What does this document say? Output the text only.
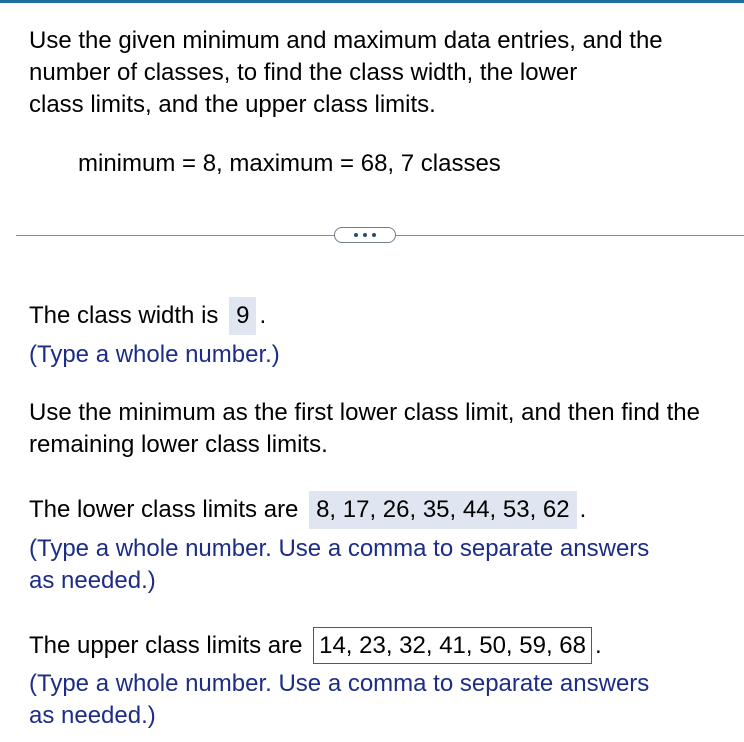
Use the given minimum and maximum data entries, and the
number of classes, to find the class width, the lower
class limits, and the upper class limits.
minimum = 8, maximum = 68, 7 classes
The class width is 9 .
(Type a whole number.)
Use the minimum as the first lower class limit, and then find the
remaining lower class limits.
The lower class limits are 8, 17, 26, 35, 44, 53, 62 .
(Type a whole number. Use a comma to separate answers
as needed.)
The upper class limits are 14, 23, 32, 41, 50, 59, 68 .
(Type a whole number. Use a comma to separate answers
as needed.)
